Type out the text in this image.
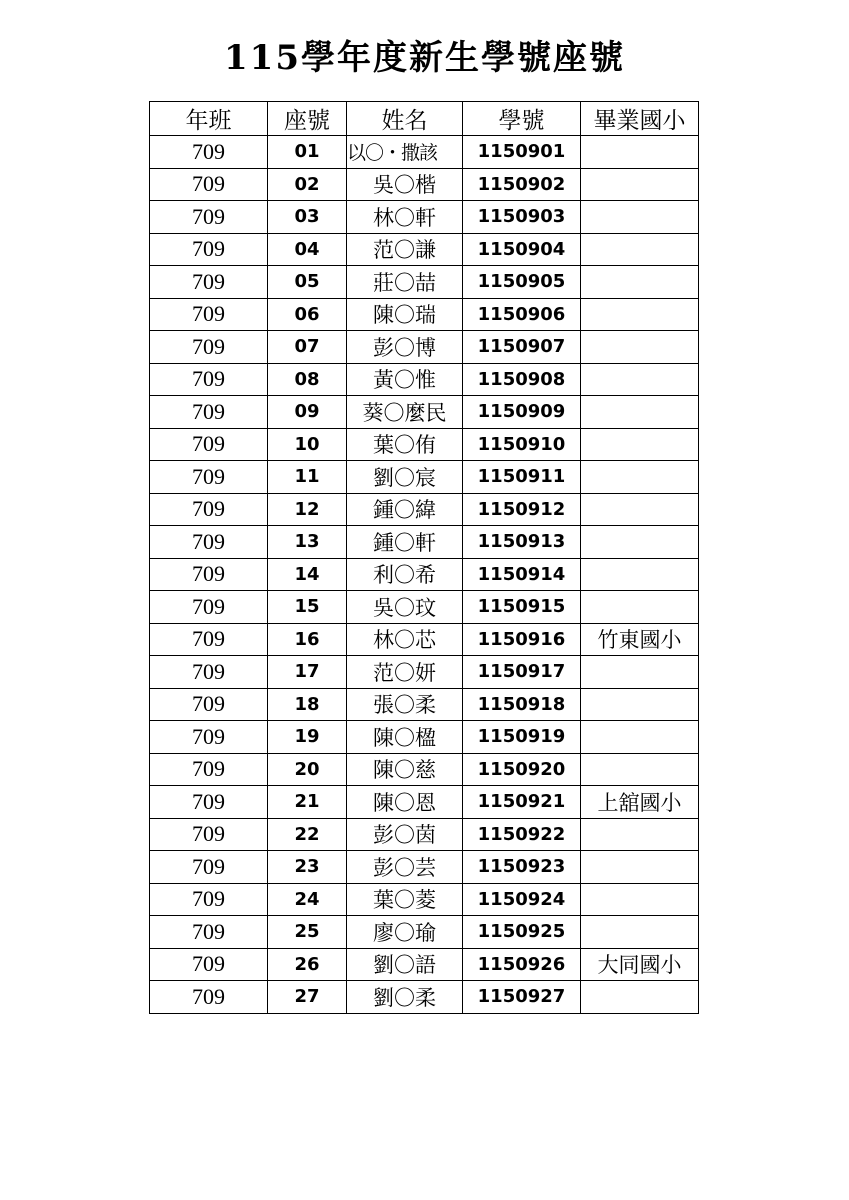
115學年度新生學號座號
年班	座號	姓名	學號	畢業國小
709	01	以〇・撒該	1150901	
709	02	吳〇楷	1150902	
709	03	林〇軒	1150903	
709	04	范〇謙	1150904	
709	05	莊〇喆	1150905	
709	06	陳〇瑞	1150906	
709	07	彭〇博	1150907	
709	08	黃〇惟	1150908	
709	09	葵〇麼民	1150909	
709	10	葉〇侑	1150910	
709	11	劉〇宸	1150911	
709	12	鍾〇緯	1150912	
709	13	鍾〇軒	1150913	
709	14	利〇希	1150914	
709	15	吳〇玟	1150915	
709	16	林〇芯	1150916	竹東國小
709	17	范〇妍	1150917	
709	18	張〇柔	1150918	
709	19	陳〇楹	1150919	
709	20	陳〇慈	1150920	
709	21	陳〇恩	1150921	上舘國小
709	22	彭〇茵	1150922	
709	23	彭〇芸	1150923	
709	24	葉〇菱	1150924	
709	25	廖〇瑜	1150925	
709	26	劉〇語	1150926	大同國小
709	27	劉〇柔	1150927	
